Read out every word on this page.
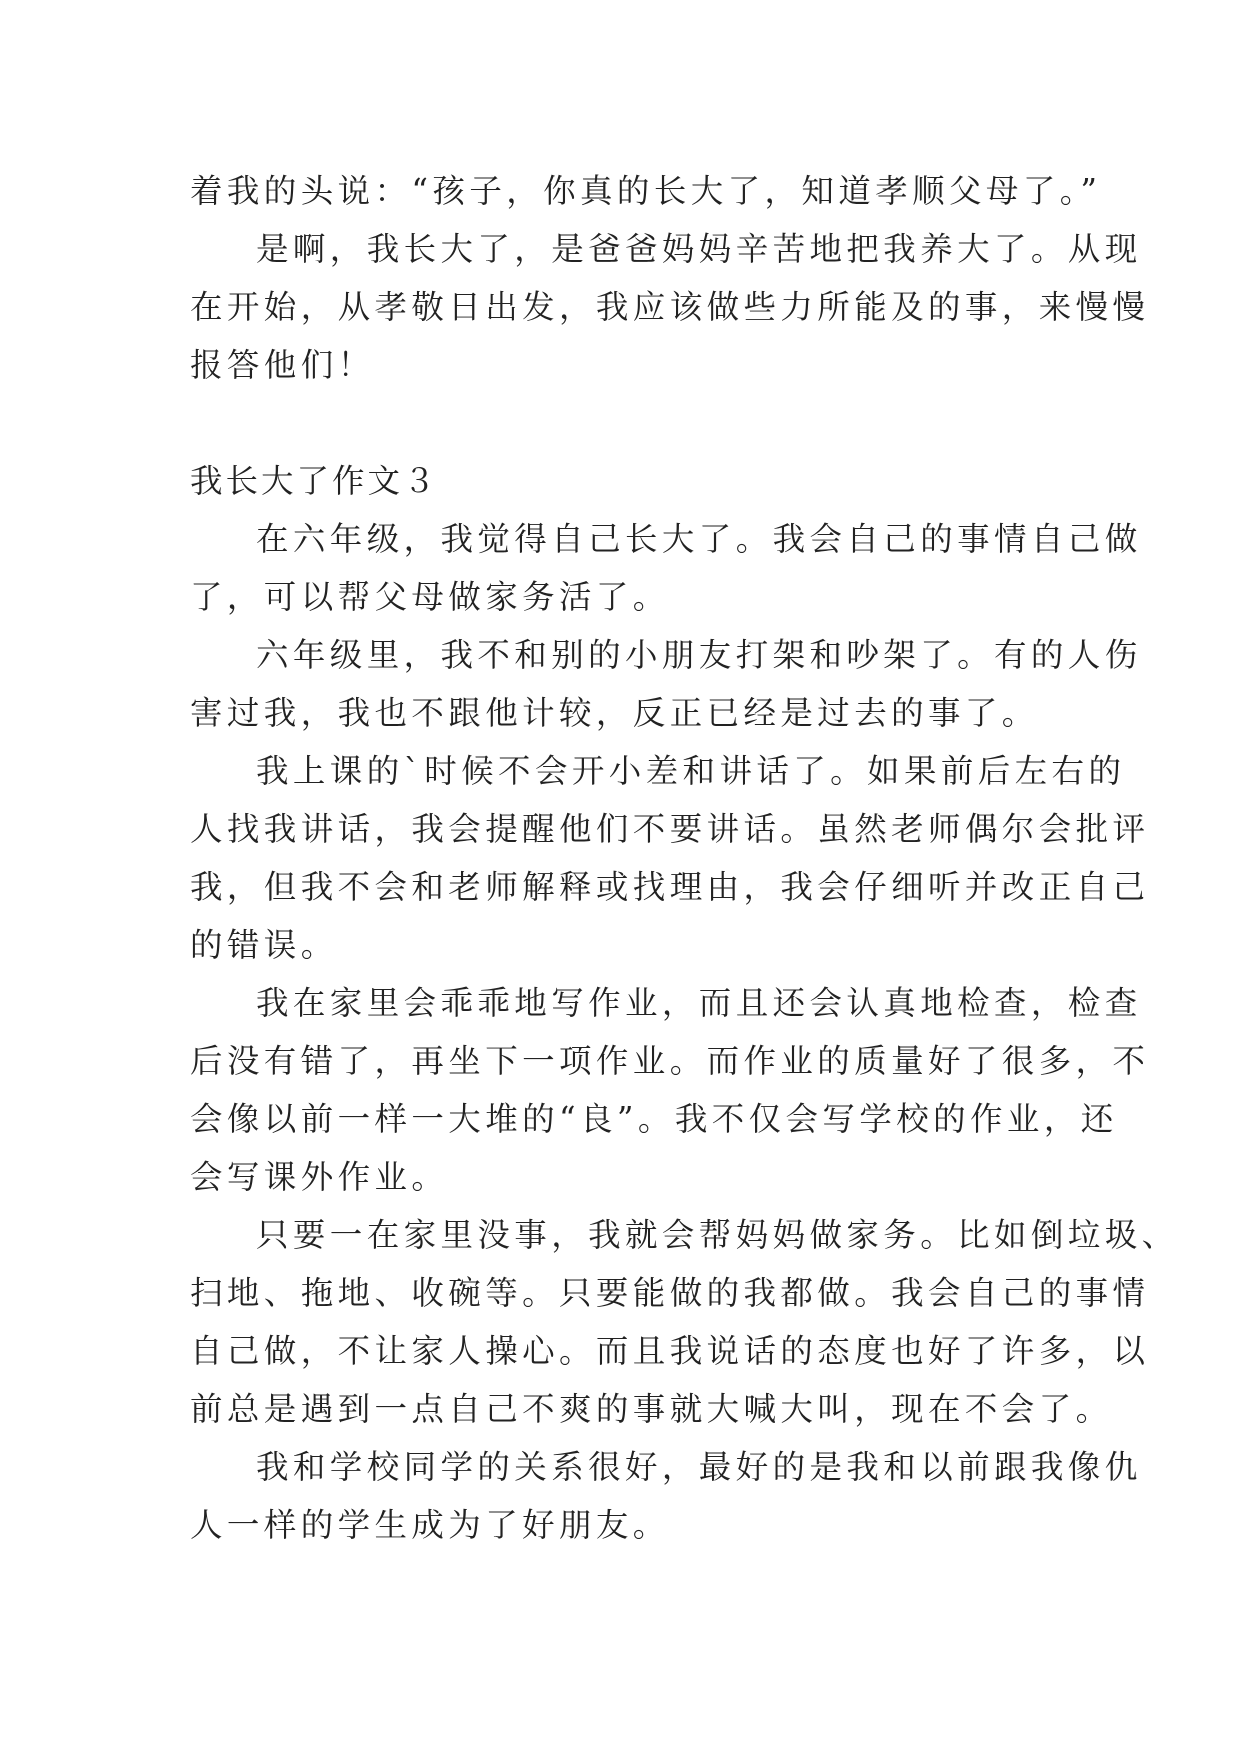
着我的头说：“孩子，你真的长大了，知道孝顺父母了。”
是啊，我长大了，是爸爸妈妈辛苦地把我养大了。从现
在开始，从孝敬日出发，我应该做些力所能及的事，来慢慢
报答他们！
我长大了作文３
在六年级，我觉得自己长大了。我会自己的事情自己做
了，可以帮父母做家务活了。
六年级里，我不和别的小朋友打架和吵架了。有的人伤
害过我，我也不跟他计较，反正已经是过去的事了。
我上课的`时候不会开小差和讲话了。如果前后左右的
人找我讲话，我会提醒他们不要讲话。虽然老师偶尔会批评
我，但我不会和老师解释或找理由，我会仔细听并改正自己
的错误。
我在家里会乖乖地写作业，而且还会认真地检查，检查
后没有错了，再坐下一项作业。而作业的质量好了很多，不
会像以前一样一大堆的“良”。我不仅会写学校的作业，还
会写课外作业。
只要一在家里没事，我就会帮妈妈做家务。比如倒垃圾、
扫地、拖地、收碗等。只要能做的我都做。我会自己的事情
自己做，不让家人操心。而且我说话的态度也好了许多，以
前总是遇到一点自己不爽的事就大喊大叫，现在不会了。
我和学校同学的关系很好，最好的是我和以前跟我像仇
人一样的学生成为了好朋友。
